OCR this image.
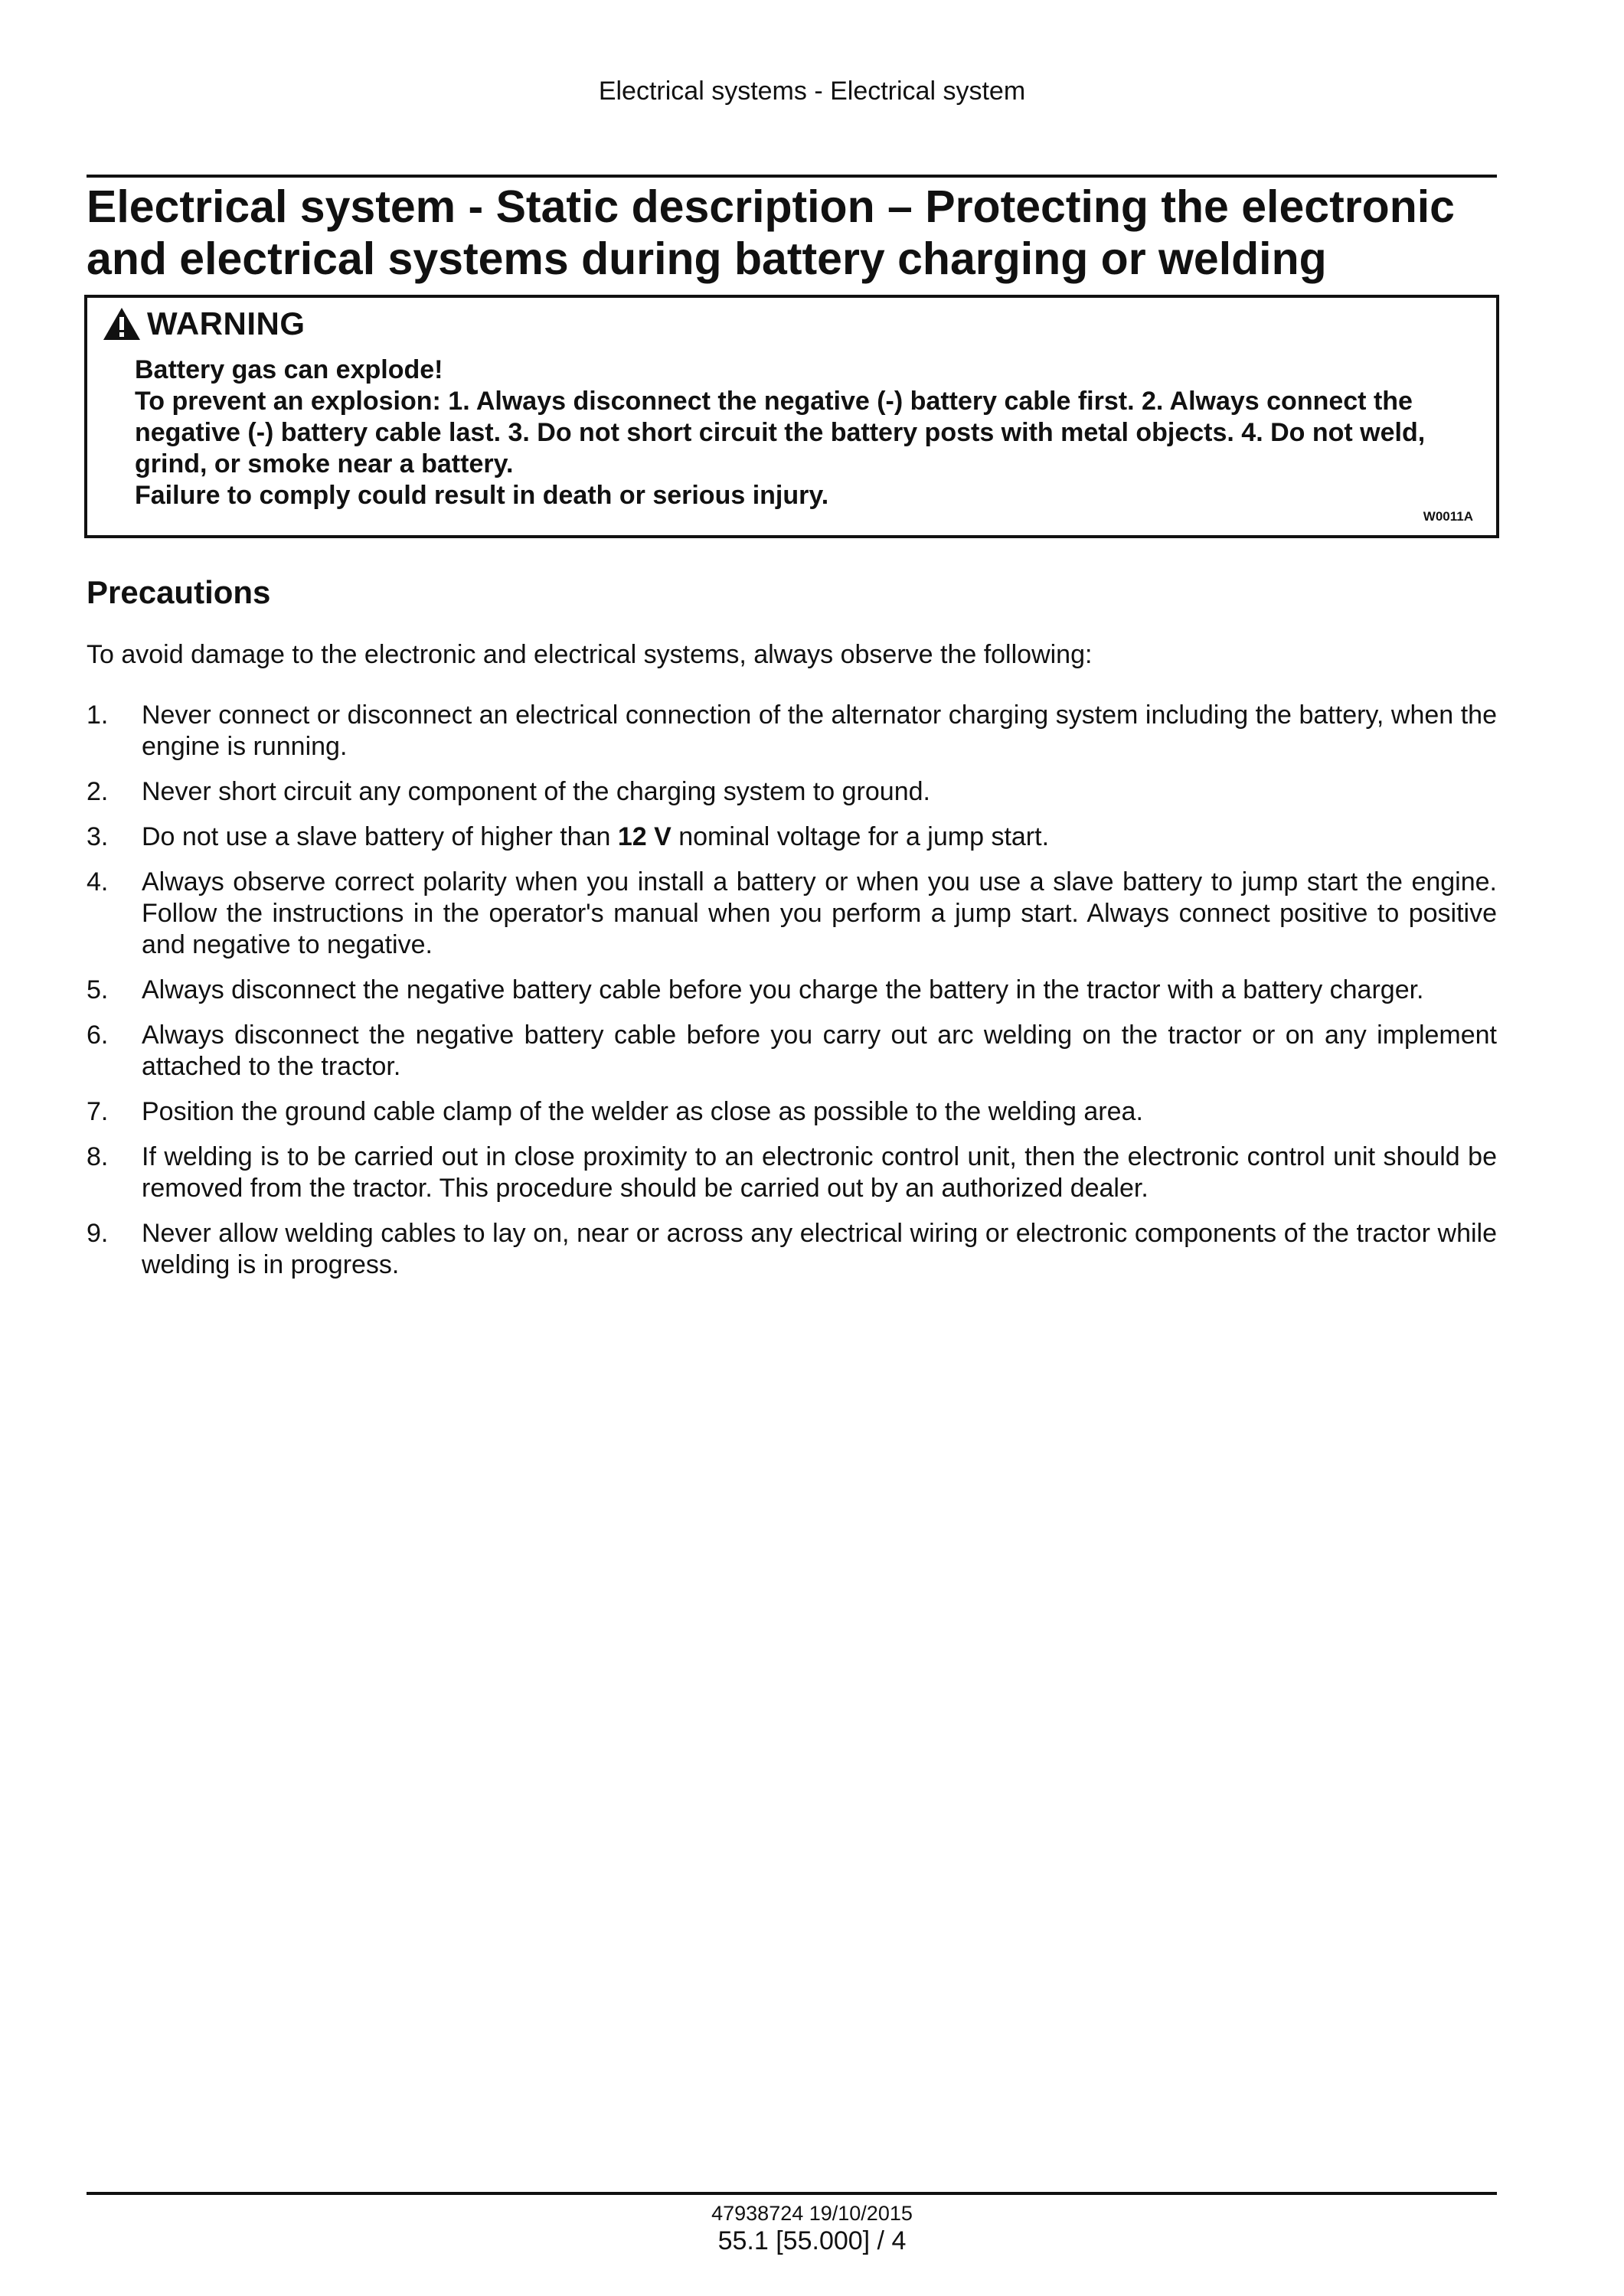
Electrical systems - Electrical system
Electrical system - Static description – Protecting the electronic and electrical systems during battery charging or welding
WARNING
Battery gas can explode!
To prevent an explosion: 1. Always disconnect the negative (-) battery cable first. 2. Always connect the negative (-) battery cable last. 3. Do not short circuit the battery posts with metal objects. 4. Do not weld, grind, or smoke near a battery.
Failure to comply could result in death or serious injury.
W0011A
Precautions

To avoid damage to the electronic and electrical systems, always observe the following:

1.	Never connect or disconnect an electrical connection of the alternator charging system including the battery, when the engine is running.
2.	Never short circuit any component of the charging system to ground.
3.	Do not use a slave battery of higher than 12 V nominal voltage for a jump start.
4.	Always observe correct polarity when you install a battery or when you use a slave battery to jump start the engine. Follow the instructions in the operator's manual when you perform a jump start. Always connect positive to positive and negative to negative.
5.	Always disconnect the negative battery cable before you charge the battery in the tractor with a battery charger.
6.	Always disconnect the negative battery cable before you carry out arc welding on the tractor or on any implement attached to the tractor.
7.	Position the ground cable clamp of the welder as close as possible to the welding area.
8.	If welding is to be carried out in close proximity to an electronic control unit, then the electronic control unit should be removed from the tractor. This procedure should be carried out by an authorized dealer.
9.	Never allow welding cables to lay on, near or across any electrical wiring or electronic components of the tractor while welding is in progress.
47938724 19/10/2015
55.1 [55.000] / 4
